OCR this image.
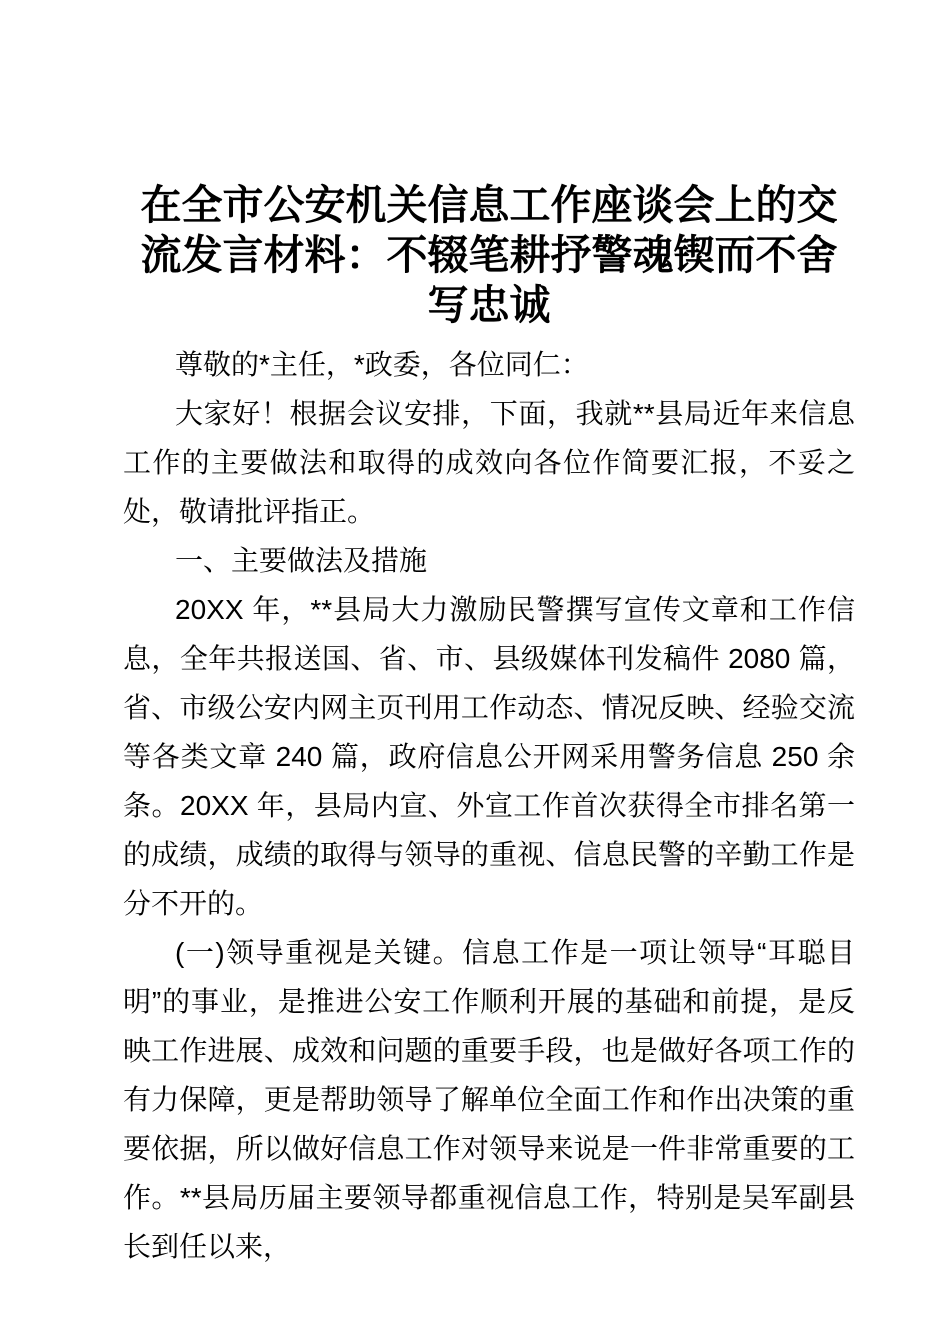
在全市公安机关信息工作座谈会上的交流发言材料：不辍笔耕抒警魂锲而不舍写忠诚

尊敬的*主任，*政委，各位同仁：

大家好！根据会议安排，下面，我就**县局近年来信息工作的主要做法和取得的成效向各位作简要汇报，不妥之处，敬请批评指正。

一、主要做法及措施

20XX 年，**县局大力激励民警撰写宣传文章和工作信息，全年共报送国、省、市、县级媒体刊发稿件 2080 篇，省、市级公安内网主页刊用工作动态、情况反映、经验交流等各类文章 240 篇，政府信息公开网采用警务信息 250 余条。20XX 年，县局内宣、外宣工作首次获得全市排名第一的成绩，成绩的取得与领导的重视、信息民警的辛勤工作是分不开的。

(一)领导重视是关键。信息工作是一项让领导“耳聪目明”的事业，是推进公安工作顺利开展的基础和前提，是反映工作进展、成效和问题的重要手段，也是做好各项工作的有力保障，更是帮助领导了解单位全面工作和作出决策的重要依据，所以做好信息工作对领导来说是一件非常重要的工作。**县局历届主要领导都重视信息工作，特别是吴军副县长到任以来，
